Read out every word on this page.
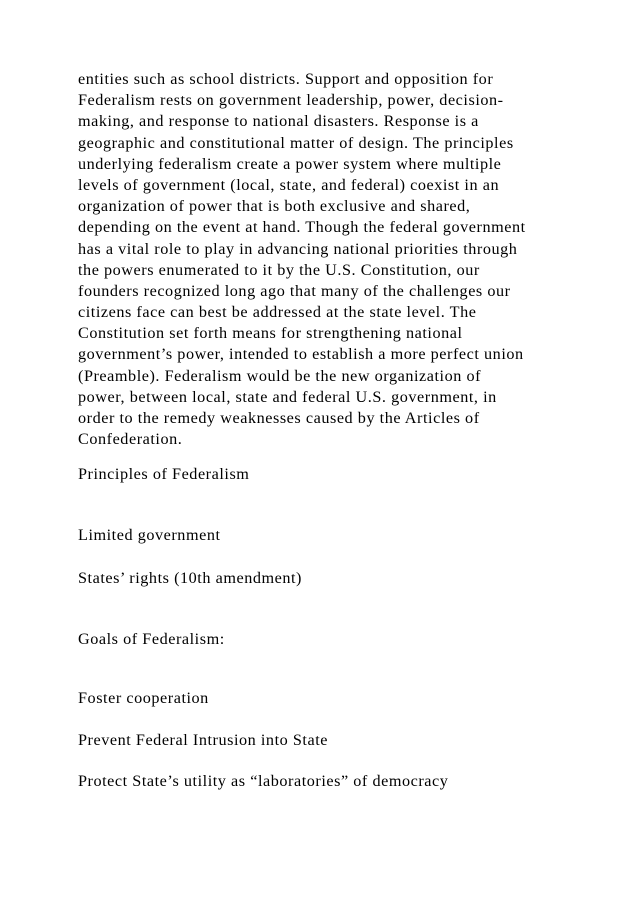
entities such as school districts. Support and opposition for
Federalism rests on government leadership, power, decision-
making, and response to national disasters. Response is a
geographic and constitutional matter of design. The principles
underlying federalism create a power system where multiple
levels of government (local, state, and federal) coexist in an
organization of power that is both exclusive and shared,
depending on the event at hand. Though the federal government
has a vital role to play in advancing national priorities through
the powers enumerated to it by the U.S. Constitution, our
founders recognized long ago that many of the challenges our
citizens face can best be addressed at the state level. The
Constitution set forth means for strengthening national
government’s power, intended to establish a more perfect union
(Preamble). Federalism would be the new organization of
power, between local, state and federal U.S. government, in
order to the remedy weaknesses caused by the Articles of
Confederation.
Principles of Federalism
Limited government
States’ rights (10th amendment)
Goals of Federalism:
Foster cooperation
Prevent Federal Intrusion into State
Protect State’s utility as “laboratories” of democracy
